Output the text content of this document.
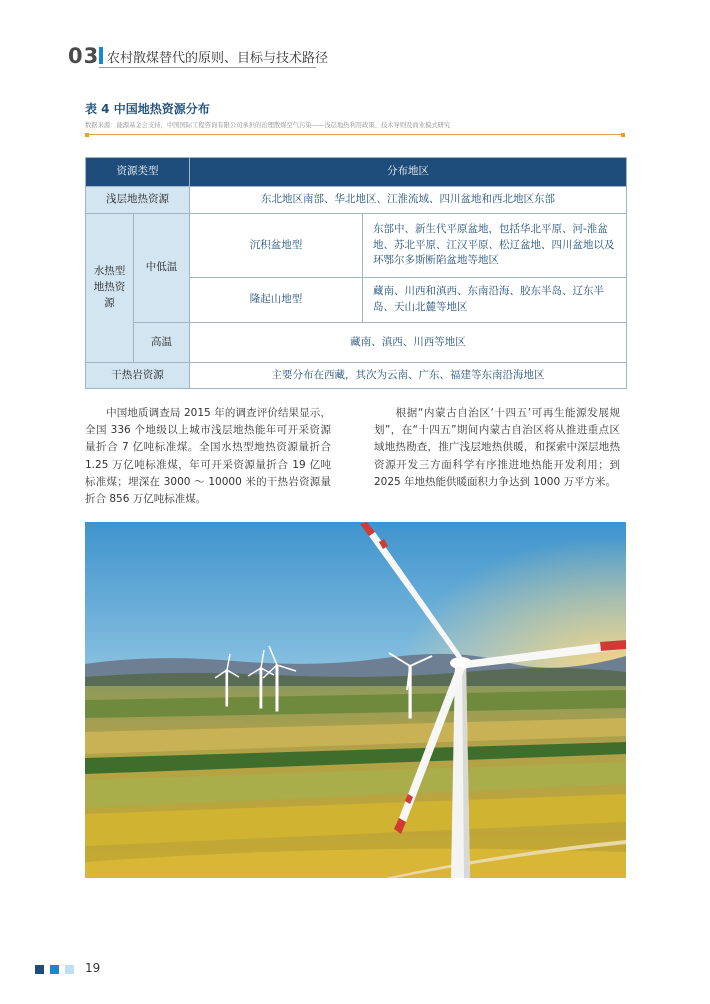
03 农村散煤替代的原则、目标与技术路径
表 4 中国地热资源分布
数据来源：能源基金会支持，中国国际工程咨询有限公司承担的治理散煤空气污染——浅层地热利用政策、技术导则及商业模式研究
资源类型		分布地区	
浅层地热资源		东北地区南部、华北地区、江淮流域、四川盆地和西北地区东部	
水热型地热资源	中低温	沉积盆地型	东部中、新生代平原盆地，包括华北平原、河-淮盆地、苏北平原、江汉平原、松辽盆地、四川盆地以及环鄂尔多斯断陷盆地等地区
		隆起山地型	藏南、川西和滇西、东南沿海、胶东半岛、辽东半岛、天山北麓等地区
	高温	藏南、滇西、川西等地区	
干热岩资源		主要分布在西藏，其次为云南、广东、福建等东南沿海地区	

中国地质调查局 2015 年的调查评价结果显示，全国 336 个地级以上城市浅层地热能年可开采资源量折合 7 亿吨标准煤。全国水热型地热资源量折合 1.25 万亿吨标准煤，年可开采资源量折合 19 亿吨标准煤；埋深在 3000 ～ 10000 米的干热岩资源量折合 856 万亿吨标准煤。

根据“内蒙古自治区‘十四五’可再生能源发展规划”，在“十四五”期间内蒙古自治区将从推进重点区域地热勘查，推广浅层地热供暖，和探索中深层地热资源开发三方面科学有序推进地热能开发利用；到 2025 年地热能供暖面积力争达到 1000 万平方米。

19
